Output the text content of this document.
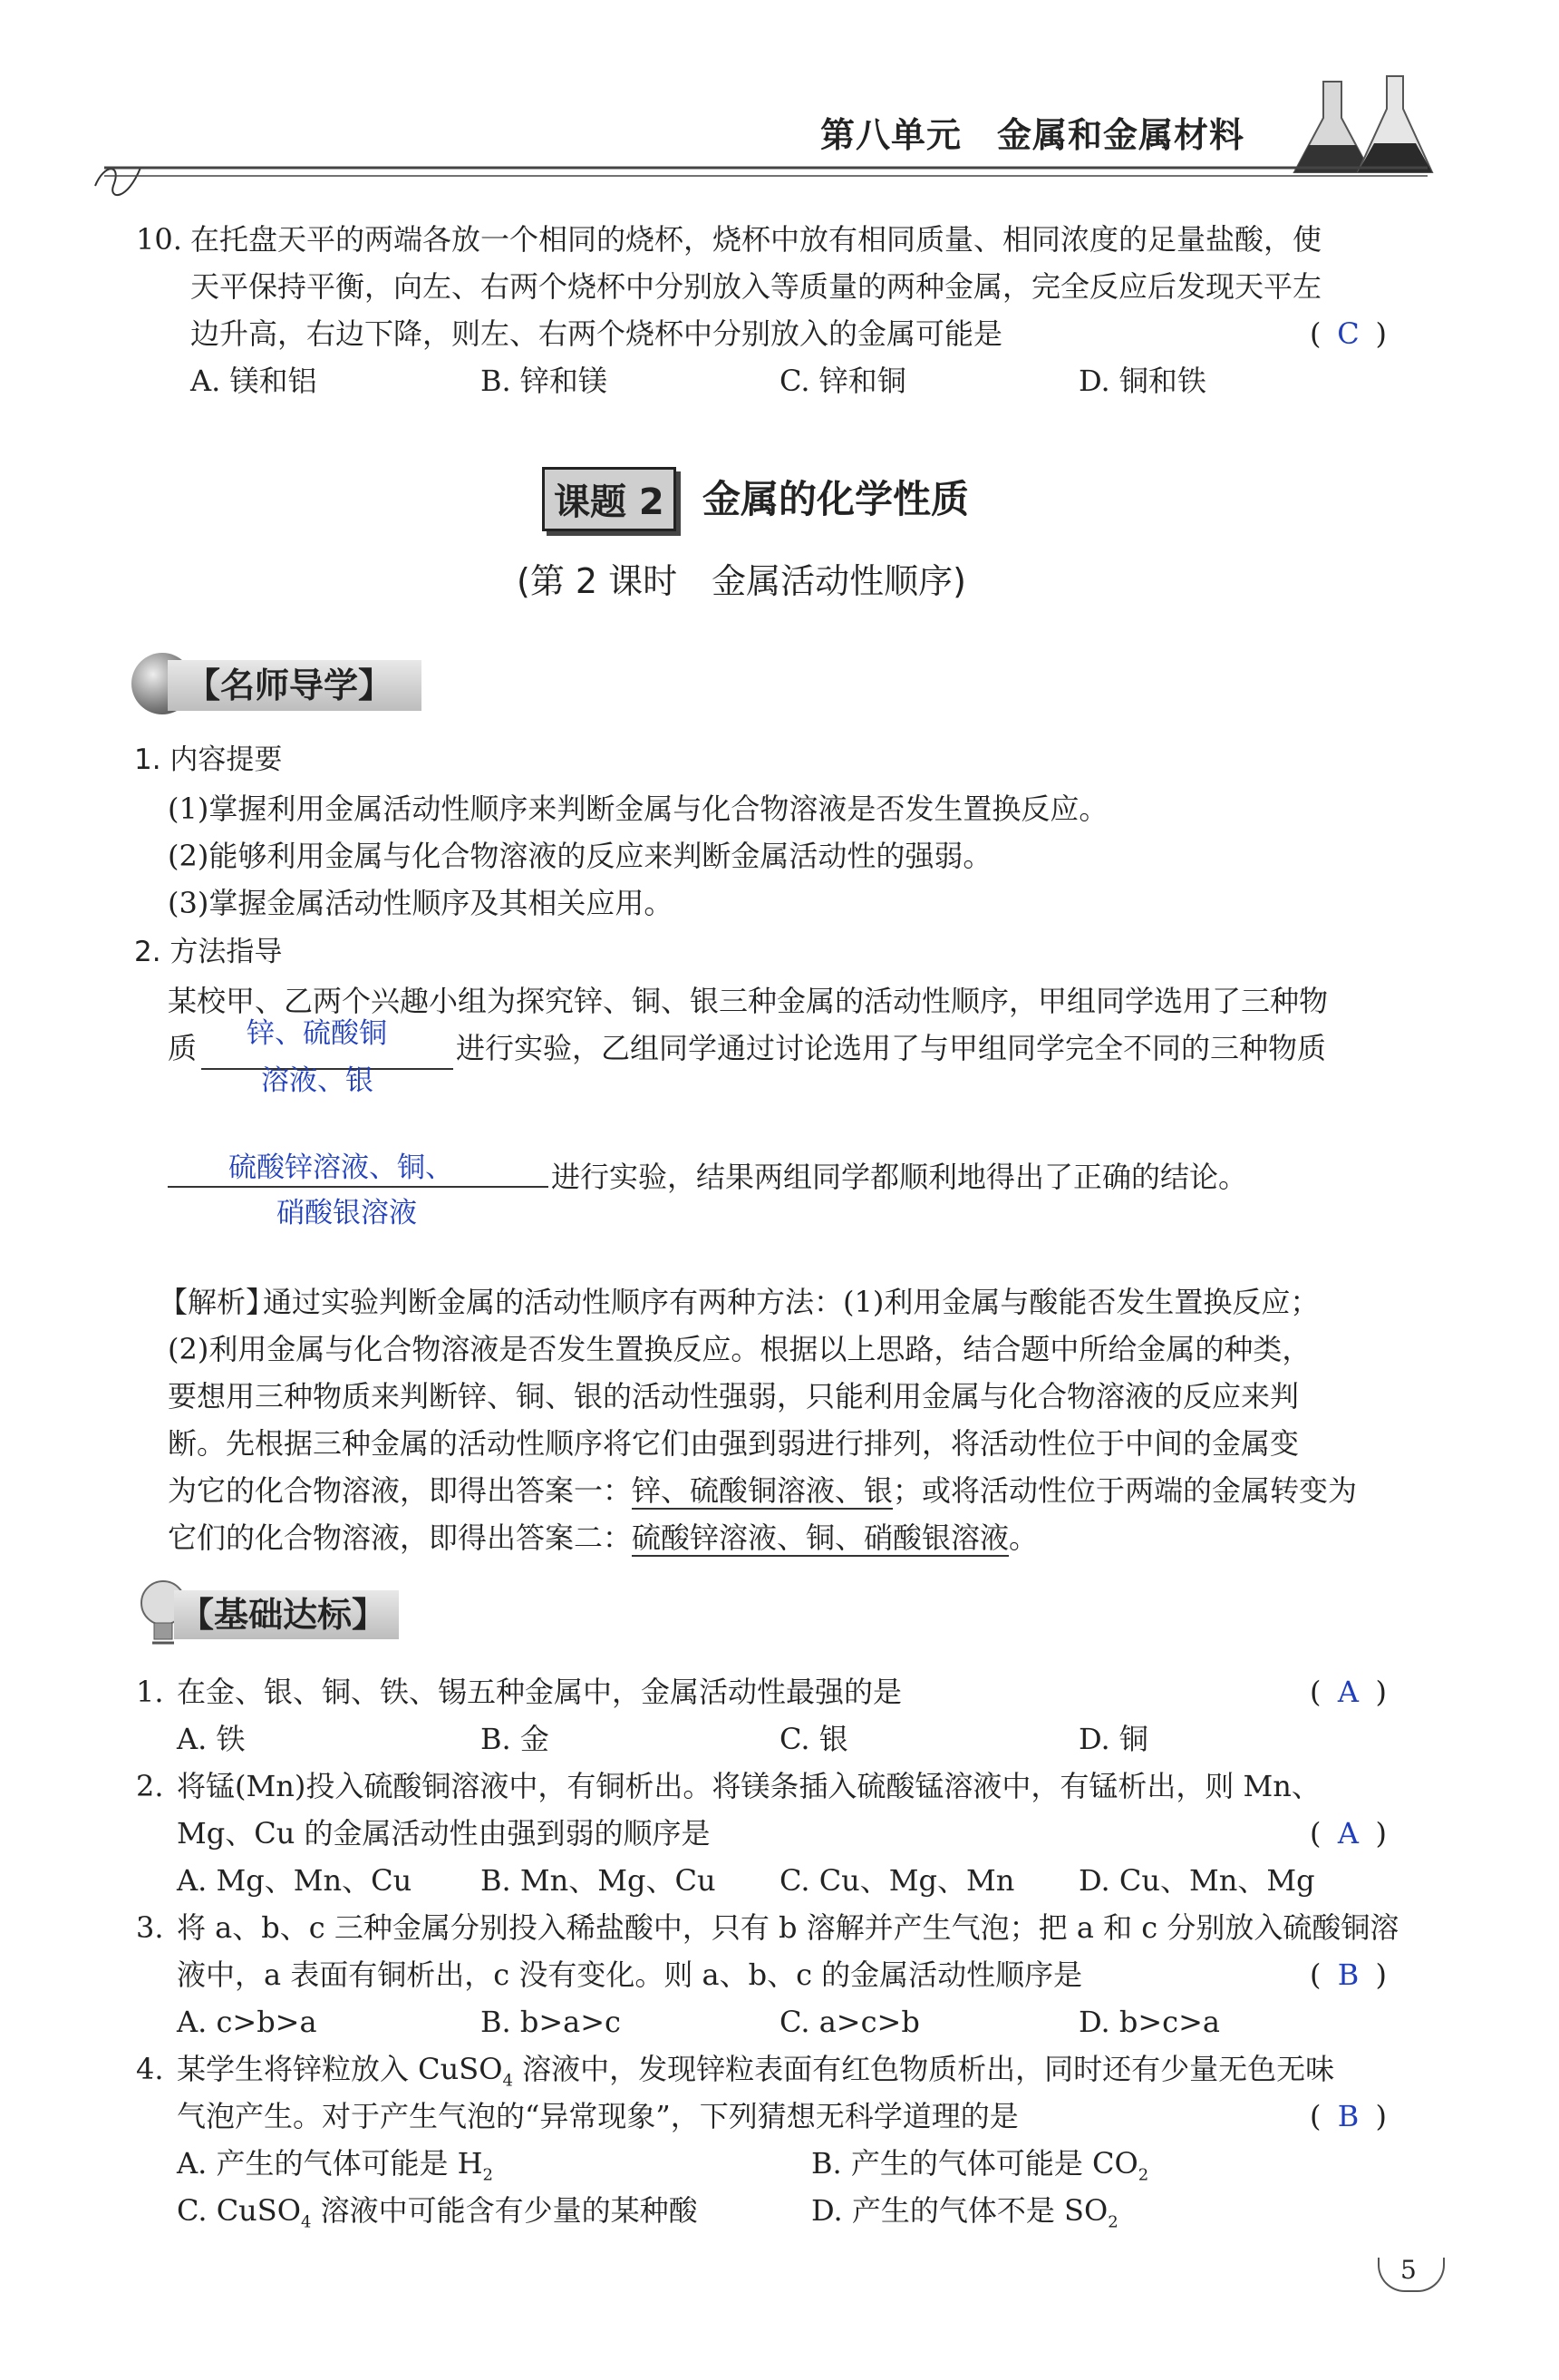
第八单元　金属和金属材料
10. 在托盘天平的两端各放一个相同的烧杯，烧杯中放有相同质量、相同浓度的足量盐酸，使
天平保持平衡，向左、右两个烧杯中分别放入等质量的两种金属，完全反应后发现天平左
边升高，右边下降，则左、右两个烧杯中分别放入的金属可能是	( C )
A. 镁和铝	B. 锌和镁	C. 锌和铜	D. 铜和铁
课题 2	金属的化学性质
(第 2 课时　金属活动性顺序)
【名师导学】
1. 内容提要
(1)掌握利用金属活动性顺序来判断金属与化合物溶液是否发生置换反应。
(2)能够利用金属与化合物溶液的反应来判断金属活动性的强弱。
(3)掌握金属活动性顺序及其相关应用。
2. 方法指导
某校甲、乙两个兴趣小组为探究锌、铜、银三种金属的活动性顺序，甲组同学选用了三种物
质 锌、硫酸铜
溶液、银
进行实验，乙组同学通过讨论选用了与甲组同学完全不同的三种物质
硫酸锌溶液、铜、
硝酸银溶液
进行实验，结果两组同学都顺利地得出了正确的结论。
【解析】
通过实验判断金属的活动性顺序有两种方法：(1)利用金属与酸能否发生置换反应；
(2)利用金属与化合物溶液是否发生置换反应。根据以上思路，结合题中所给金属的种类，
要想用三种物质来判断锌、铜、银的活动性强弱，只能利用金属与化合物溶液的反应来判
断。先根据三种金属的活动性顺序将它们由强到弱进行排列，将活动性位于中间的金属变
为它的化合物溶液，即得出答案一：锌、硫酸铜溶液、银；或将活动性位于两端的金属转变为
它们的化合物溶液，即得出答案二：硫酸锌溶液、铜、硝酸银溶液。
【基础达标】
1. 在金、银、铜、铁、锡五种金属中，金属活动性最强的是	( A )
A. 铁	B. 金	C. 银	D. 铜
2. 将锰(Mn)投入硫酸铜溶液中，有铜析出。将镁条插入硫酸锰溶液中，有锰析出，则 Mn、
Mg、Cu 的金属活动性由强到弱的顺序是	( A )
A. Mg、Mn、Cu B. Mn、Mg、Cu C. Cu、Mg、Mn D. Cu、Mn、Mg
3. 将 a、b、c 三种金属分别投入稀盐酸中，只有 b 溶解并产生气泡；把 a 和 c 分别放入硫酸铜溶
液中，a 表面有铜析出，c 没有变化。则 a、b、c 的金属活动性顺序是	( B )
A. c>b>a	B. b>a>c	C. a>c>b	D. b>c>a
4. 某学生将锌粒放入 CuSO$_4$ 溶液中，发现锌粒表面有红色物质析出，同时还有少量无色无味
气泡产生。对于产生气泡的“异常现象”，下列猜想无科学道理的是	( B )
A. 产生的气体可能是 $H_2$	B. 产生的气体可能是 $CO_2$
C. CuSO$_4$ 溶液中可能含有少量的某种酸	D. 产生的气体不是 $SO_2$
5
